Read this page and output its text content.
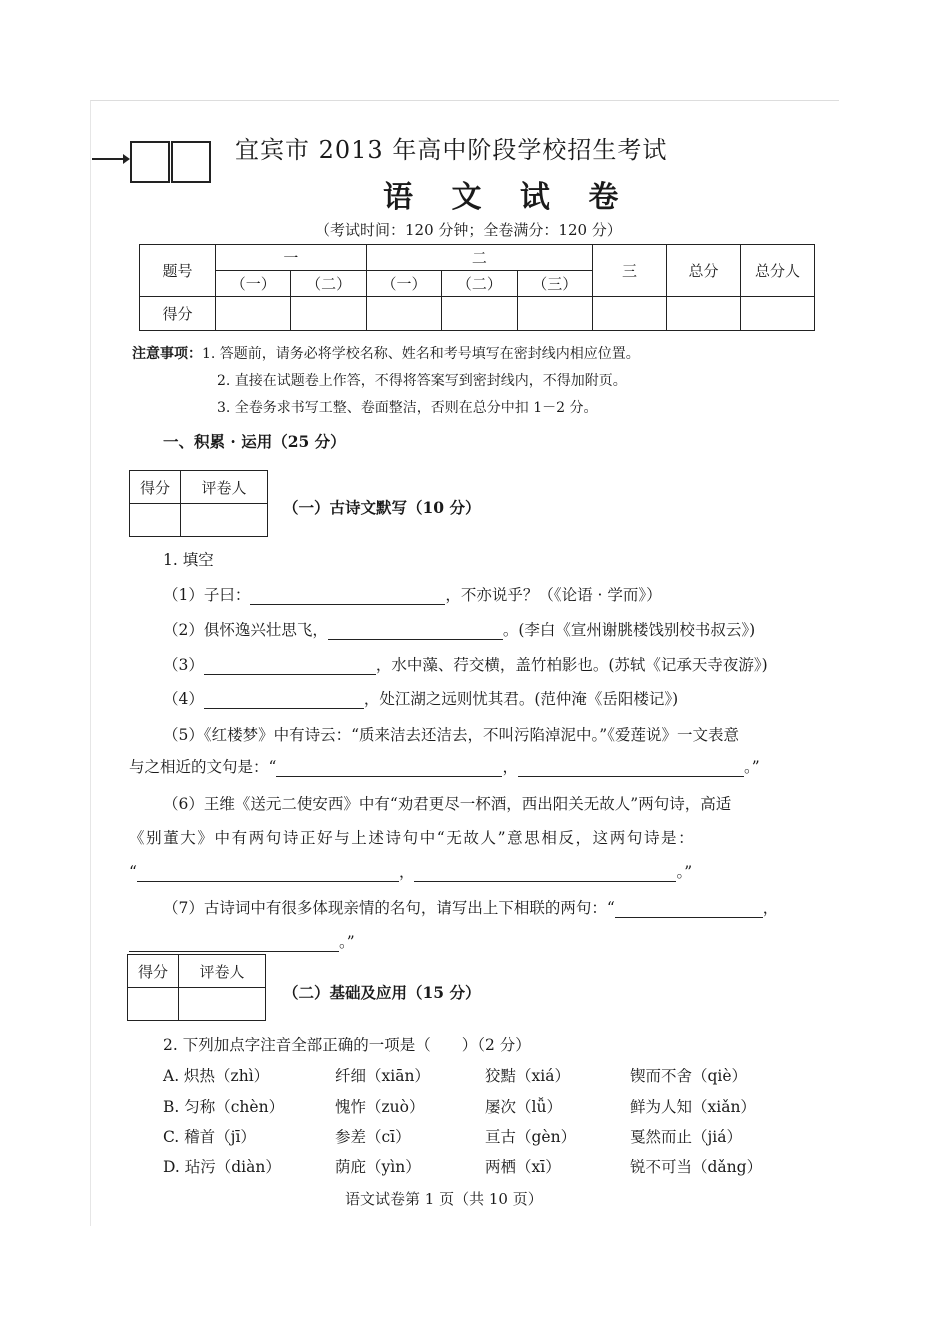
宜宾市 2013 年高中阶段学校招生考试
语 文 试 卷
（考试时间：120 分钟；全卷满分：120 分）
题号	一		二			三	总分	总分人
	（一）	（二）	（一）	（二）	（三）			
得分								
注意事项：1. 答题前，请务必将学校名称、姓名和考号填写在密封线内相应位置。
2. 直接在试题卷上作答，不得将答案写到密封线内，不得加附页。
3. 全卷务求书写工整、卷面整洁，否则在总分中扣 1－2 分。
一、积累 · 运用（25 分）
得分	评卷人

（一）古诗文默写（10 分）
1. 填空
（1）子曰：	，不亦说乎？（《论语 · 学而》）
（2）俱怀逸兴壮思飞，	。(李白《宣州谢朓楼饯别校书叔云》)
（3）	，水中藻、荇交横，盖竹柏影也。(苏轼《记承天寺夜游》)
（4）	，处江湖之远则忧其君。(范仲淹《岳阳楼记》)
（5）《红楼梦》中有诗云：“质来洁去还洁去，不叫污陷淖泥中。”《爱莲说》一文表意
与之相近的文句是：“	，	。”
（6）王维《送元二使安西》中有“劝君更尽一杯酒，西出阳关无故人”两句诗，高适
《别董大》中有两句诗正好与上述诗句中“无故人”意思相反，这两句诗是：
“	，	。”
（7）古诗词中有很多体现亲情的名句，请写出上下相联的两句：“	，
。”
得分	评卷人

（二）基础及应用（15 分）
2. 下列加点字注音全部正确的一项是（　　）（2 分）
A. 炽热（zhì）	纤细（xiān）	狡黠（xiá）	锲而不舍（qiè）
B. 匀称（chèn）	愧怍（zuò）	屡次（lǚ）	鲜为人知（xiǎn）
C. 稽首（jī）	参差（cī）	亘古（gèn）	戛然而止（jiá）
D. 玷污（diàn）	荫庇（yìn）	两栖（xī）	锐不可当（dǎng）
语文试卷第 1 页（共 10 页）
